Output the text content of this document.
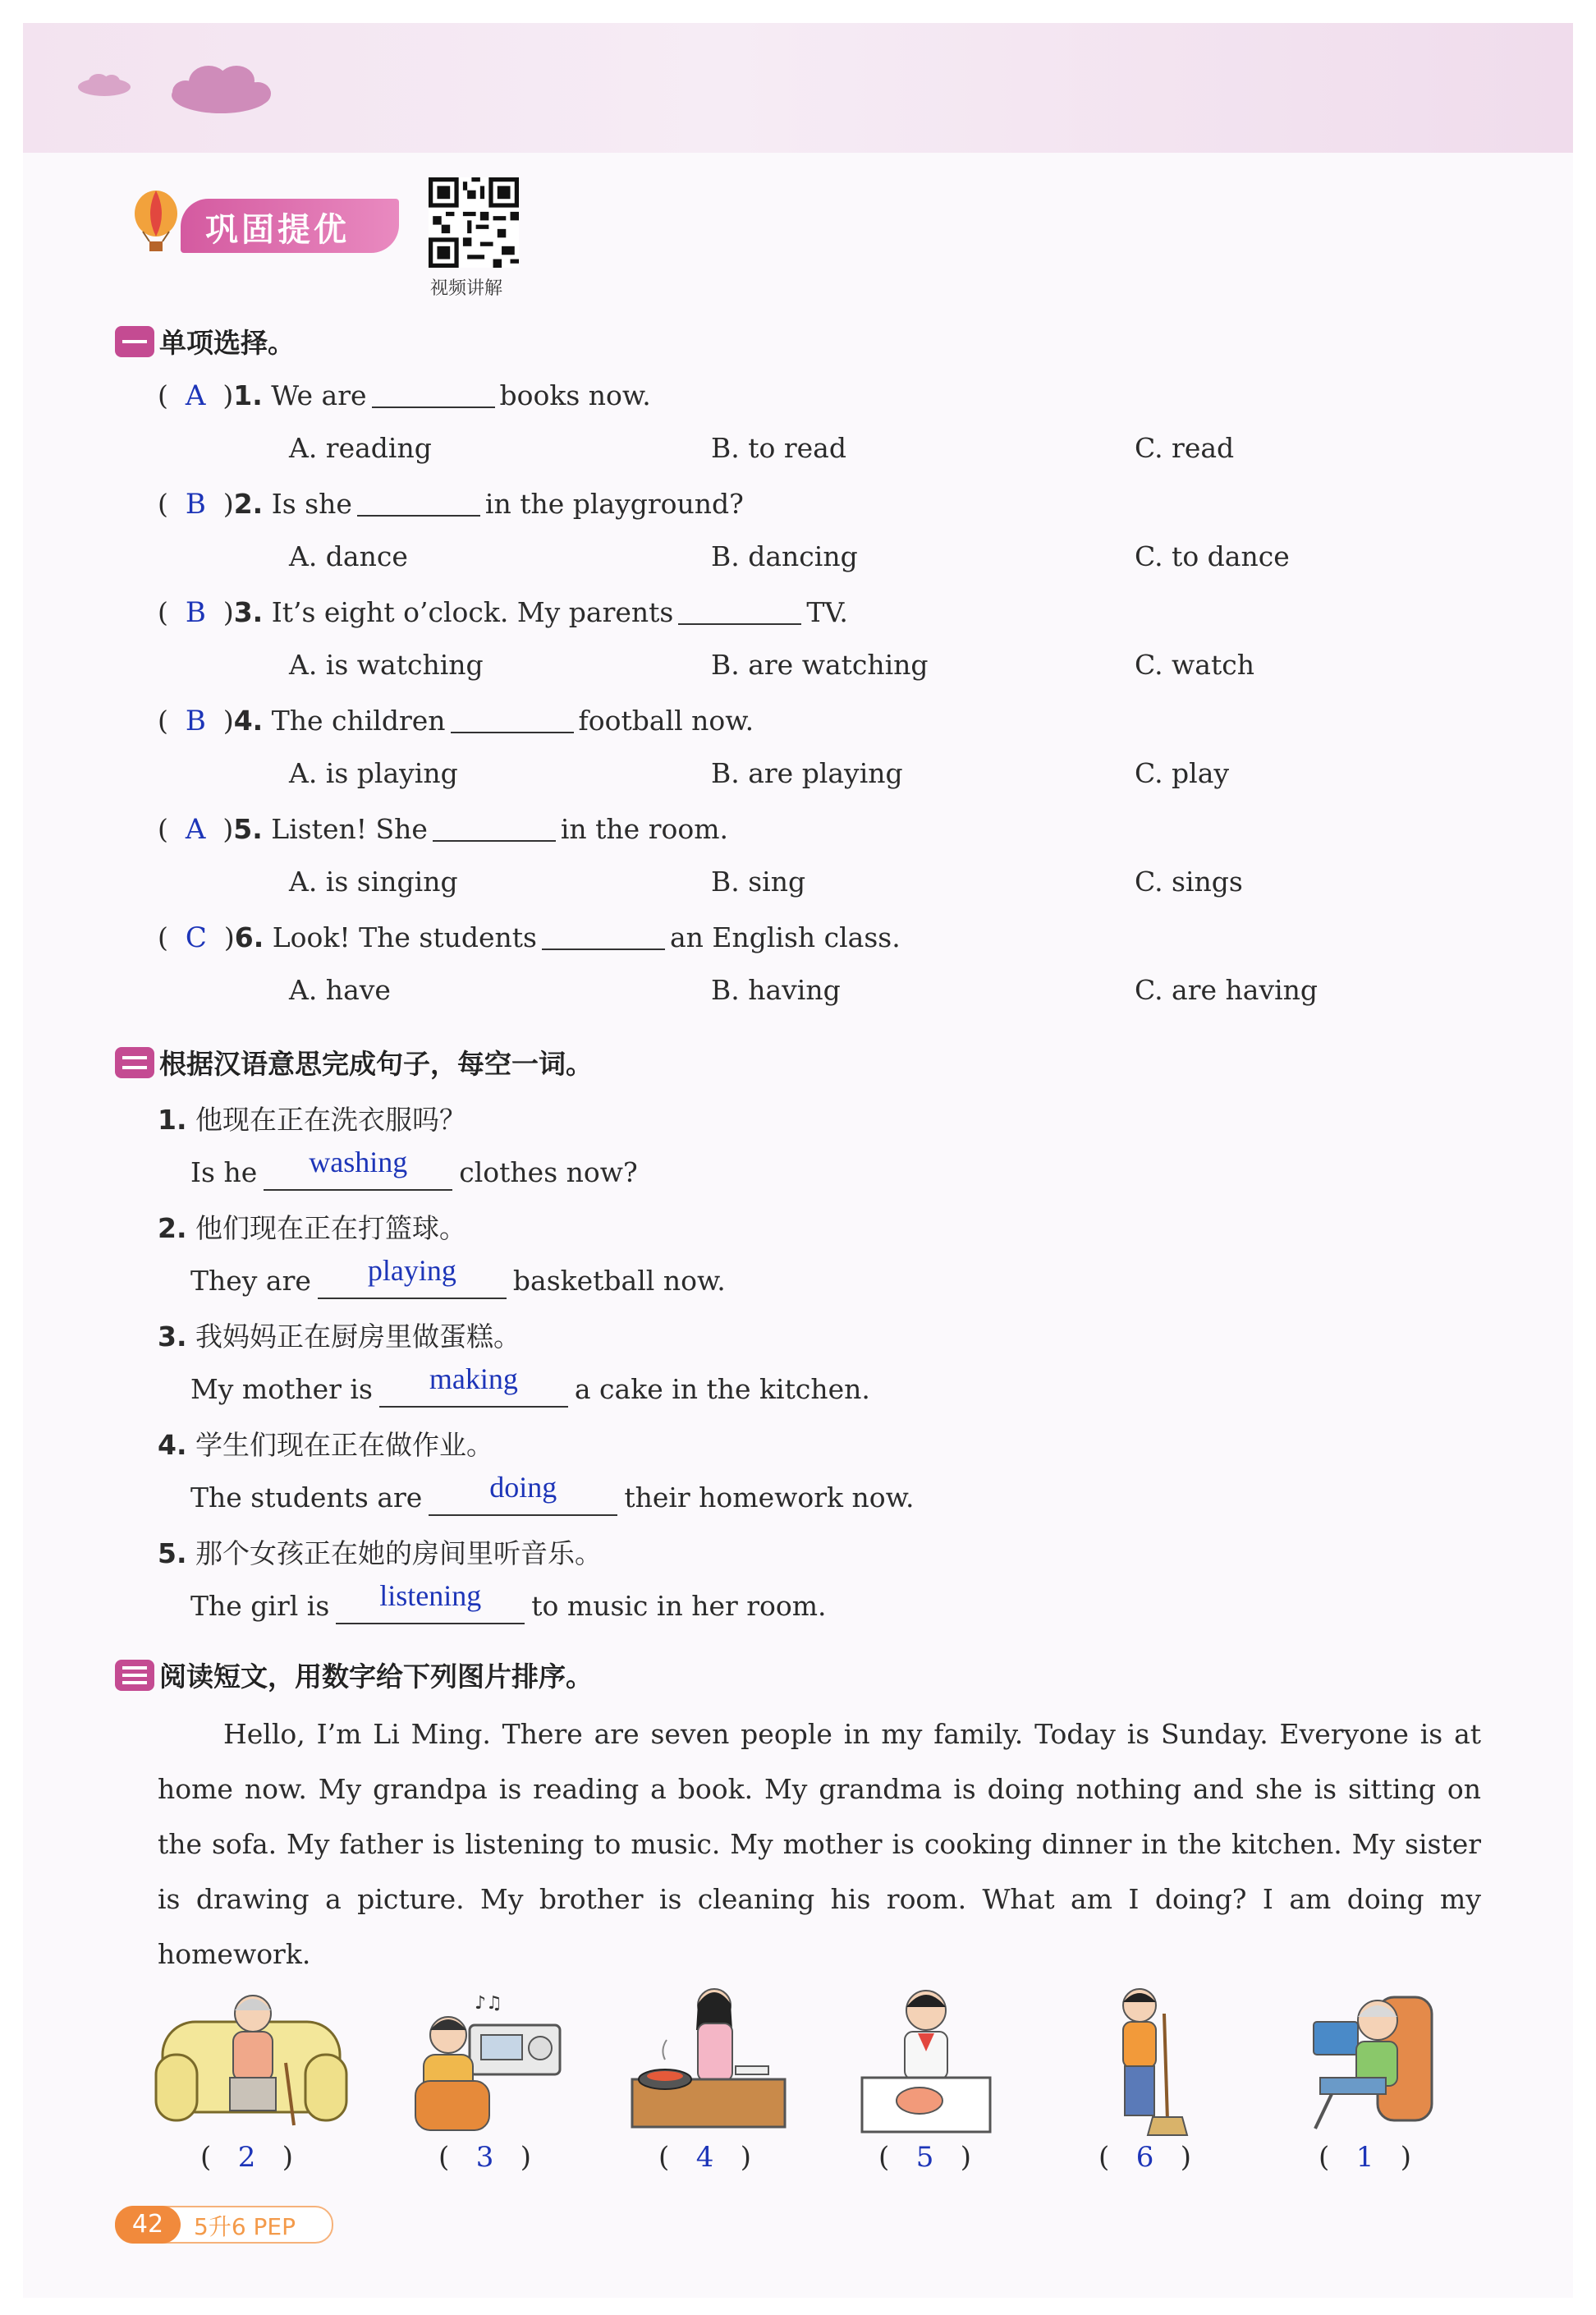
巩固提优
视频讲解
单项选择。
(  A  )1. We are	books now.
A. reading	B. to read	C. read
(  B  )2. Is she	in the playground?
A. dance	B. dancing	C. to dance
(  B  )3. It’s eight o’clock. My parents	TV.
A. is watching	B. are watching	C. watch
(  B  )4. The children	football now.
A. is playing	B. are playing	C. play
(  A  )5. Listen! She	in the room.
A. is singing	B. sing	C. sings
(  C  )6. Look! The students	an English class.
A. have	B. having	C. are having
根据汉语意思完成句子，每空一词。
1. 他现在正在洗衣服吗？
Is he washing clothes now?
2. 他们现在正在打篮球。
They are playing basketball now.
3. 我妈妈正在厨房里做蛋糕。
My mother is making a cake in the kitchen.
4. 学生们现在正在做作业。
The students are doing their homework now.
5. 那个女孩正在她的房间里听音乐。
The girl is listening to music in her room.
阅读短文，用数字给下列图片排序。
Hello, I’m Li Ming. There are seven people in my family. Today is Sunday. Everyone is at home now. My grandpa is reading a book. My grandma is doing nothing and she is sitting on the sofa. My father is listening to music. My mother is cooking dinner in the kitchen. My sister is drawing a picture. My brother is cleaning his room. What am I doing? I am doing my homework.
♪♫
(   2   )	(   3   )	(   4   )	(   5   )	(   6   )	(   1   )
42	5升6 PEP
